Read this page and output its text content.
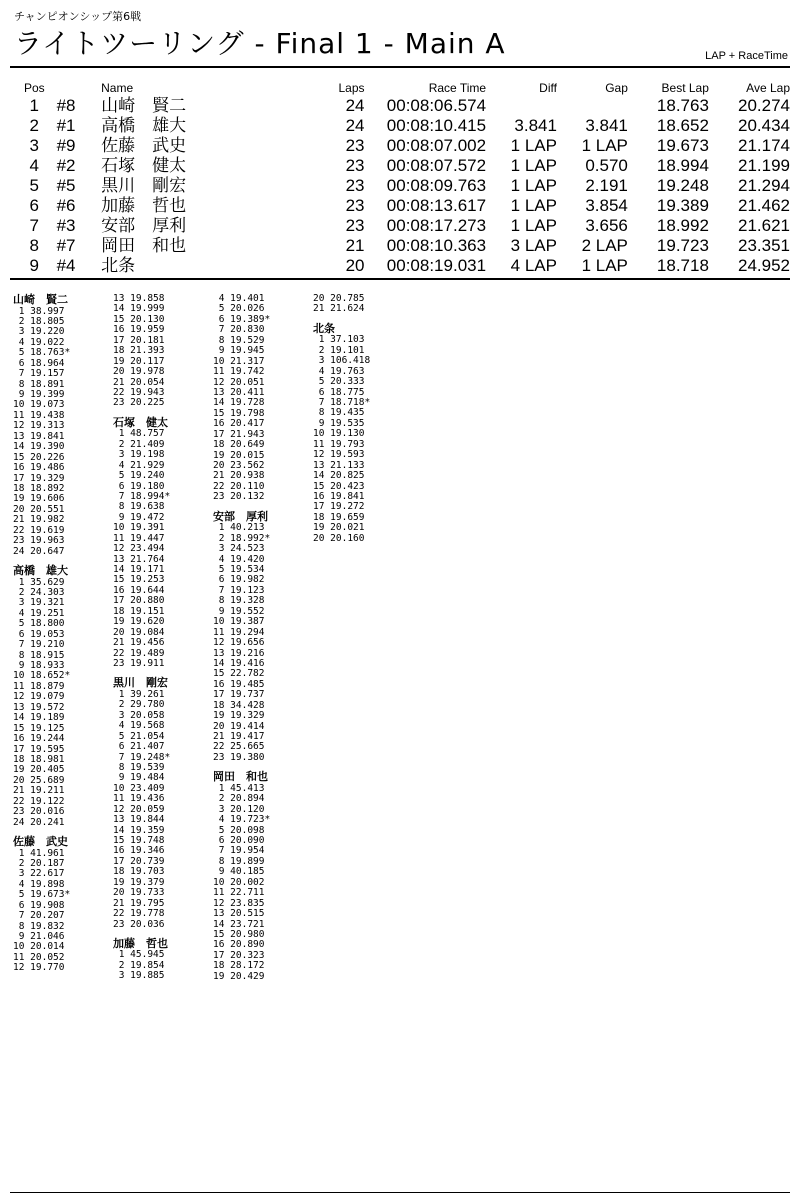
チャンピオンシップ第6戦
ライトツーリング - Final 1 - Main A	LAP + RaceTime
Pos		Name	Laps	Race Time	Diff	Gap	Best Lap	Ave Lap
1	#8	山崎　賢二	24	00:08:06.574			18.763	20.274
2	#1	高橋　雄大	24	00:08:10.415	3.841	3.841	18.652	20.434
3	#9	佐藤　武史	23	00:08:07.002	1 LAP	1 LAP	19.673	21.174
4	#2	石塚　健太	23	00:08:07.572	1 LAP	0.570	18.994	21.199
5	#5	黒川　剛宏	23	00:08:09.763	1 LAP	2.191	19.248	21.294
6	#6	加藤　哲也	23	00:08:13.617	1 LAP	3.854	19.389	21.462
7	#3	安部　厚利	23	00:08:17.273	1 LAP	3.656	18.992	21.621
8	#7	岡田　和也	21	00:08:10.363	3 LAP	2 LAP	19.723	23.351
9	#4	北条	20	00:08:19.031	4 LAP	1 LAP	18.718	24.952
山崎　賢二
1 38.997
2 18.805
3 19.220
4 19.022
5 18.763*
6 18.964
7 19.157
8 18.891
9 19.399
10 19.073
11 19.438
12 19.313
13 19.841
14 19.390
15 20.226
16 19.486
17 19.329
18 18.892
19 19.606
20 20.551
21 19.982
22 19.619
23 19.963
24 20.647
高橋　雄大
1 35.629
2 24.303
3 19.321
4 19.251
5 18.800
6 19.053
7 19.210
8 18.915
9 18.933
10 18.652*
11 18.879
12 19.079
13 19.572
14 19.189
15 19.125
16 19.244
17 19.595
18 18.981
19 20.405
20 25.689
21 19.211
22 19.122
23 20.016
24 20.241
佐藤　武史
1 41.961
2 20.187
3 22.617
4 19.898
5 19.673*
6 19.908
7 20.207
8 19.832
9 21.046
10 20.014
11 20.052
12 19.770
13 19.858
14 19.999
15 20.130
16 19.959
17 20.181
18 21.393
19 20.117
20 19.978
21 20.054
22 19.943
23 20.225
石塚　健太
1 48.757
2 21.409
3 19.198
4 21.929
5 19.240
6 19.180
7 18.994*
8 19.638
9 19.472
10 19.391
11 19.447
12 23.494
13 21.764
14 19.171
15 19.253
16 19.644
17 20.880
18 19.151
19 19.620
20 19.084
21 19.456
22 19.489
23 19.911
黒川　剛宏
1 39.261
2 29.780
3 20.058
4 19.568
5 21.054
6 21.407
7 19.248*
8 19.539
9 19.484
10 23.409
11 19.436
12 20.059
13 19.844
14 19.359
15 19.748
16 19.346
17 20.739
18 19.703
19 19.379
20 19.733
21 19.795
22 19.778
23 20.036
加藤　哲也
1 45.945
2 19.854
3 19.885
4 19.401
5 20.026
6 19.389*
7 20.830
8 19.529
9 19.945
10 21.317
11 19.742
12 20.051
13 20.411
14 19.728
15 19.798
16 20.417
17 21.943
18 20.649
19 20.015
20 23.562
21 20.938
22 20.110
23 20.132
安部　厚利
1 40.213
2 18.992*
3 24.523
4 19.420
5 19.534
6 19.982
7 19.123
8 19.328
9 19.552
10 19.387
11 19.294
12 19.656
13 19.216
14 19.416
15 22.782
16 19.485
17 19.737
18 34.428
19 19.329
20 19.414
21 19.417
22 25.665
23 19.380
岡田　和也
1 45.413
2 20.894
3 20.120
4 19.723*
5 20.098
6 20.090
7 19.954
8 19.899
9 40.185
10 20.002
11 22.711
12 23.835
13 20.515
14 23.721
15 20.980
16 20.890
17 20.323
18 28.172
19 20.429
20 20.785
21 21.624
北条
1 37.103
2 19.101
3 106.418
4 19.763
5 20.333
6 18.775
7 18.718*
8 19.435
9 19.535
10 19.130
11 19.793
12 19.593
13 21.133
14 20.825
15 20.423
16 19.841
17 19.272
18 19.659
19 20.021
20 20.160
